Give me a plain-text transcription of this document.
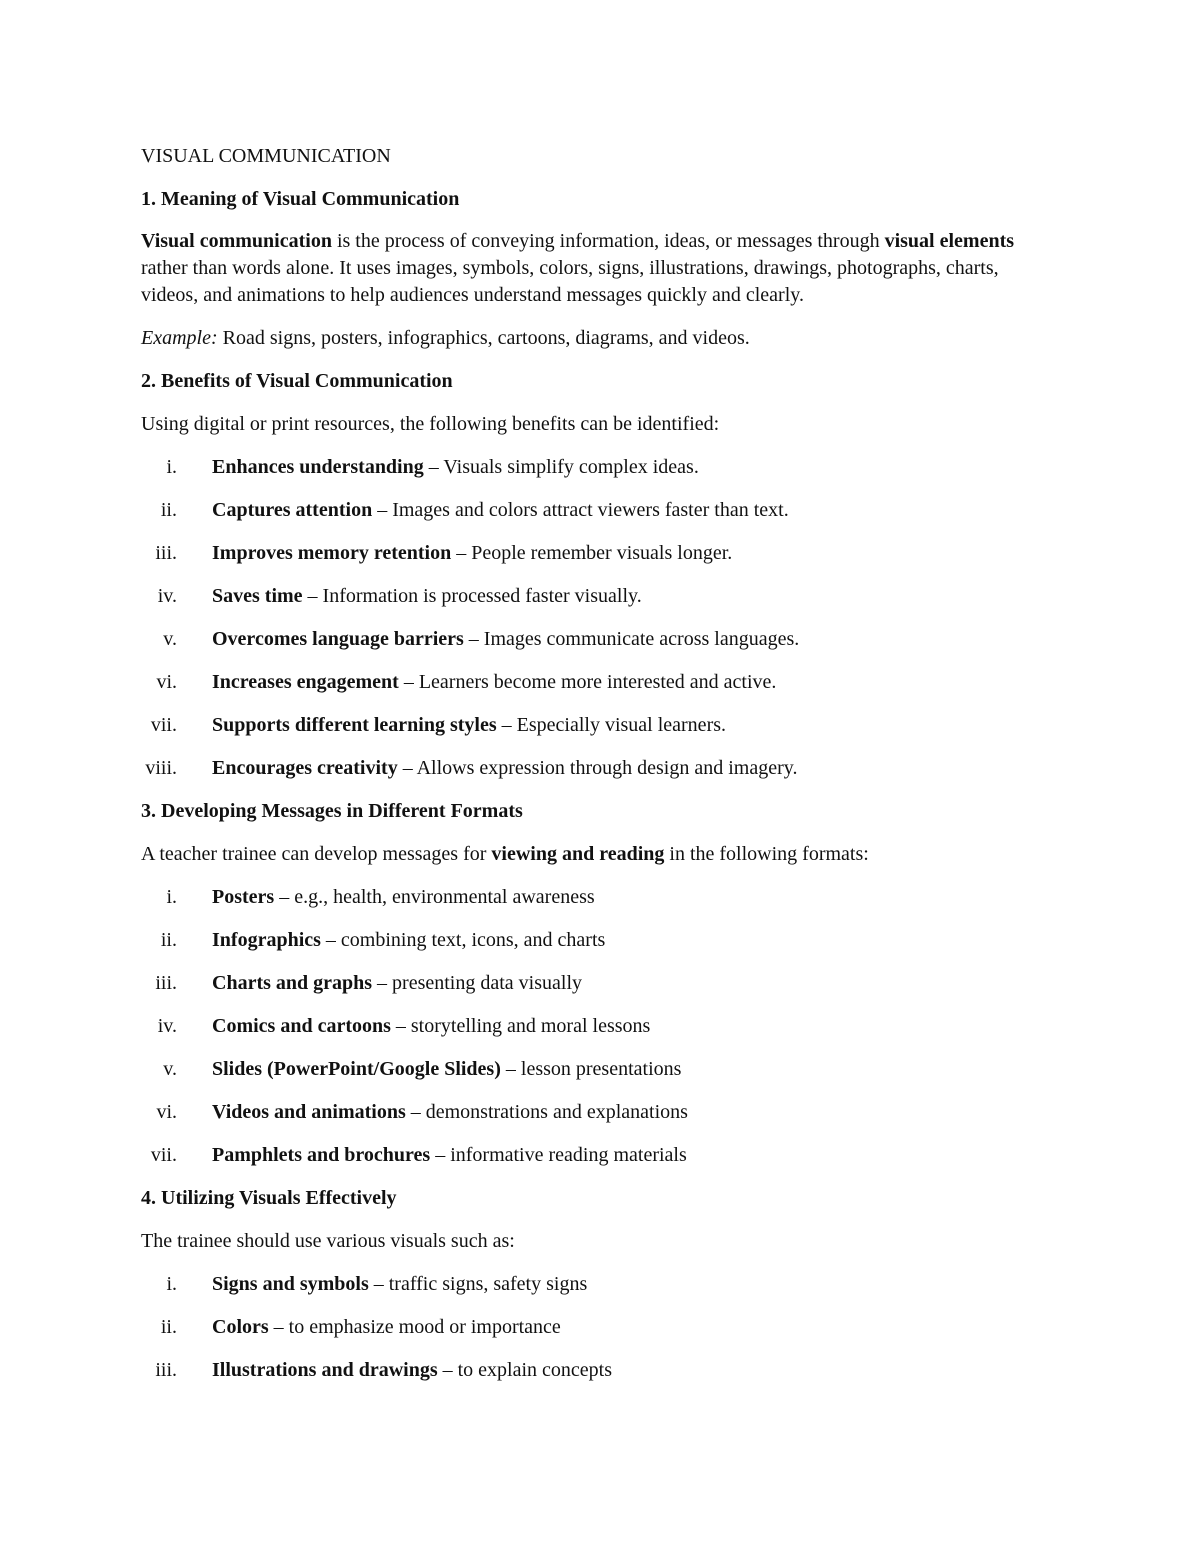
VISUAL COMMUNICATION

1. Meaning of Visual Communication

Visual communication is the process of conveying information, ideas, or messages through visual elements rather than words alone. It uses images, symbols, colors, signs, illustrations, drawings, photographs, charts, videos, and animations to help audiences understand messages quickly and clearly.

Example: Road signs, posters, infographics, cartoons, diagrams, and videos.

2. Benefits of Visual Communication

Using digital or print resources, the following benefits can be identified:

i. Enhances understanding – Visuals simplify complex ideas.
ii. Captures attention – Images and colors attract viewers faster than text.
iii. Improves memory retention – People remember visuals longer.
iv. Saves time – Information is processed faster visually.
v. Overcomes language barriers – Images communicate across languages.
vi. Increases engagement – Learners become more interested and active.
vii. Supports different learning styles – Especially visual learners.
viii. Encourages creativity – Allows expression through design and imagery.

3. Developing Messages in Different Formats

A teacher trainee can develop messages for viewing and reading in the following formats:

i. Posters – e.g., health, environmental awareness
ii. Infographics – combining text, icons, and charts
iii. Charts and graphs – presenting data visually
iv. Comics and cartoons – storytelling and moral lessons
v. Slides (PowerPoint/Google Slides) – lesson presentations
vi. Videos and animations – demonstrations and explanations
vii. Pamphlets and brochures – informative reading materials

4. Utilizing Visuals Effectively

The trainee should use various visuals such as:

i. Signs and symbols – traffic signs, safety signs
ii. Colors – to emphasize mood or importance
iii. Illustrations and drawings – to explain concepts
